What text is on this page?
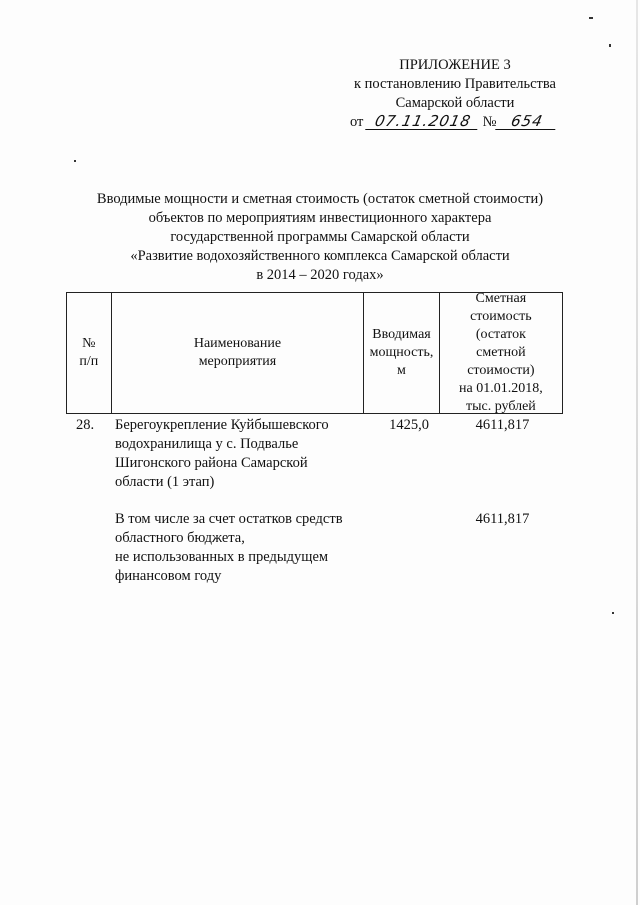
ПРИЛОЖЕНИЕ 3
к постановлению Правительства
Самарской области
от 07.11.2018 № 654
Вводимые мощности и сметная стоимость (остаток сметной стоимости)
объектов по мероприятиям инвестиционного характера
государственной программы Самарской области
«Развитие водохозяйственного комплекса Самарской области
в 2014 – 2020 годах»
№
п/п
Наименование
мероприятия
Вводимая
мощность,
м
Сметная
стоимость
(остаток
сметной
стоимости)
на 01.01.2018,
тыс. рублей
28.	Берегоукрепление Куйбышевского
водохранилища у с. Подвалье
Шигонского района Самарской
области (1 этап)
1425,0	4611,817
В том числе за счет остатков средств
областного бюджета,
не использованных в предыдущем
финансовом году
4611,817
